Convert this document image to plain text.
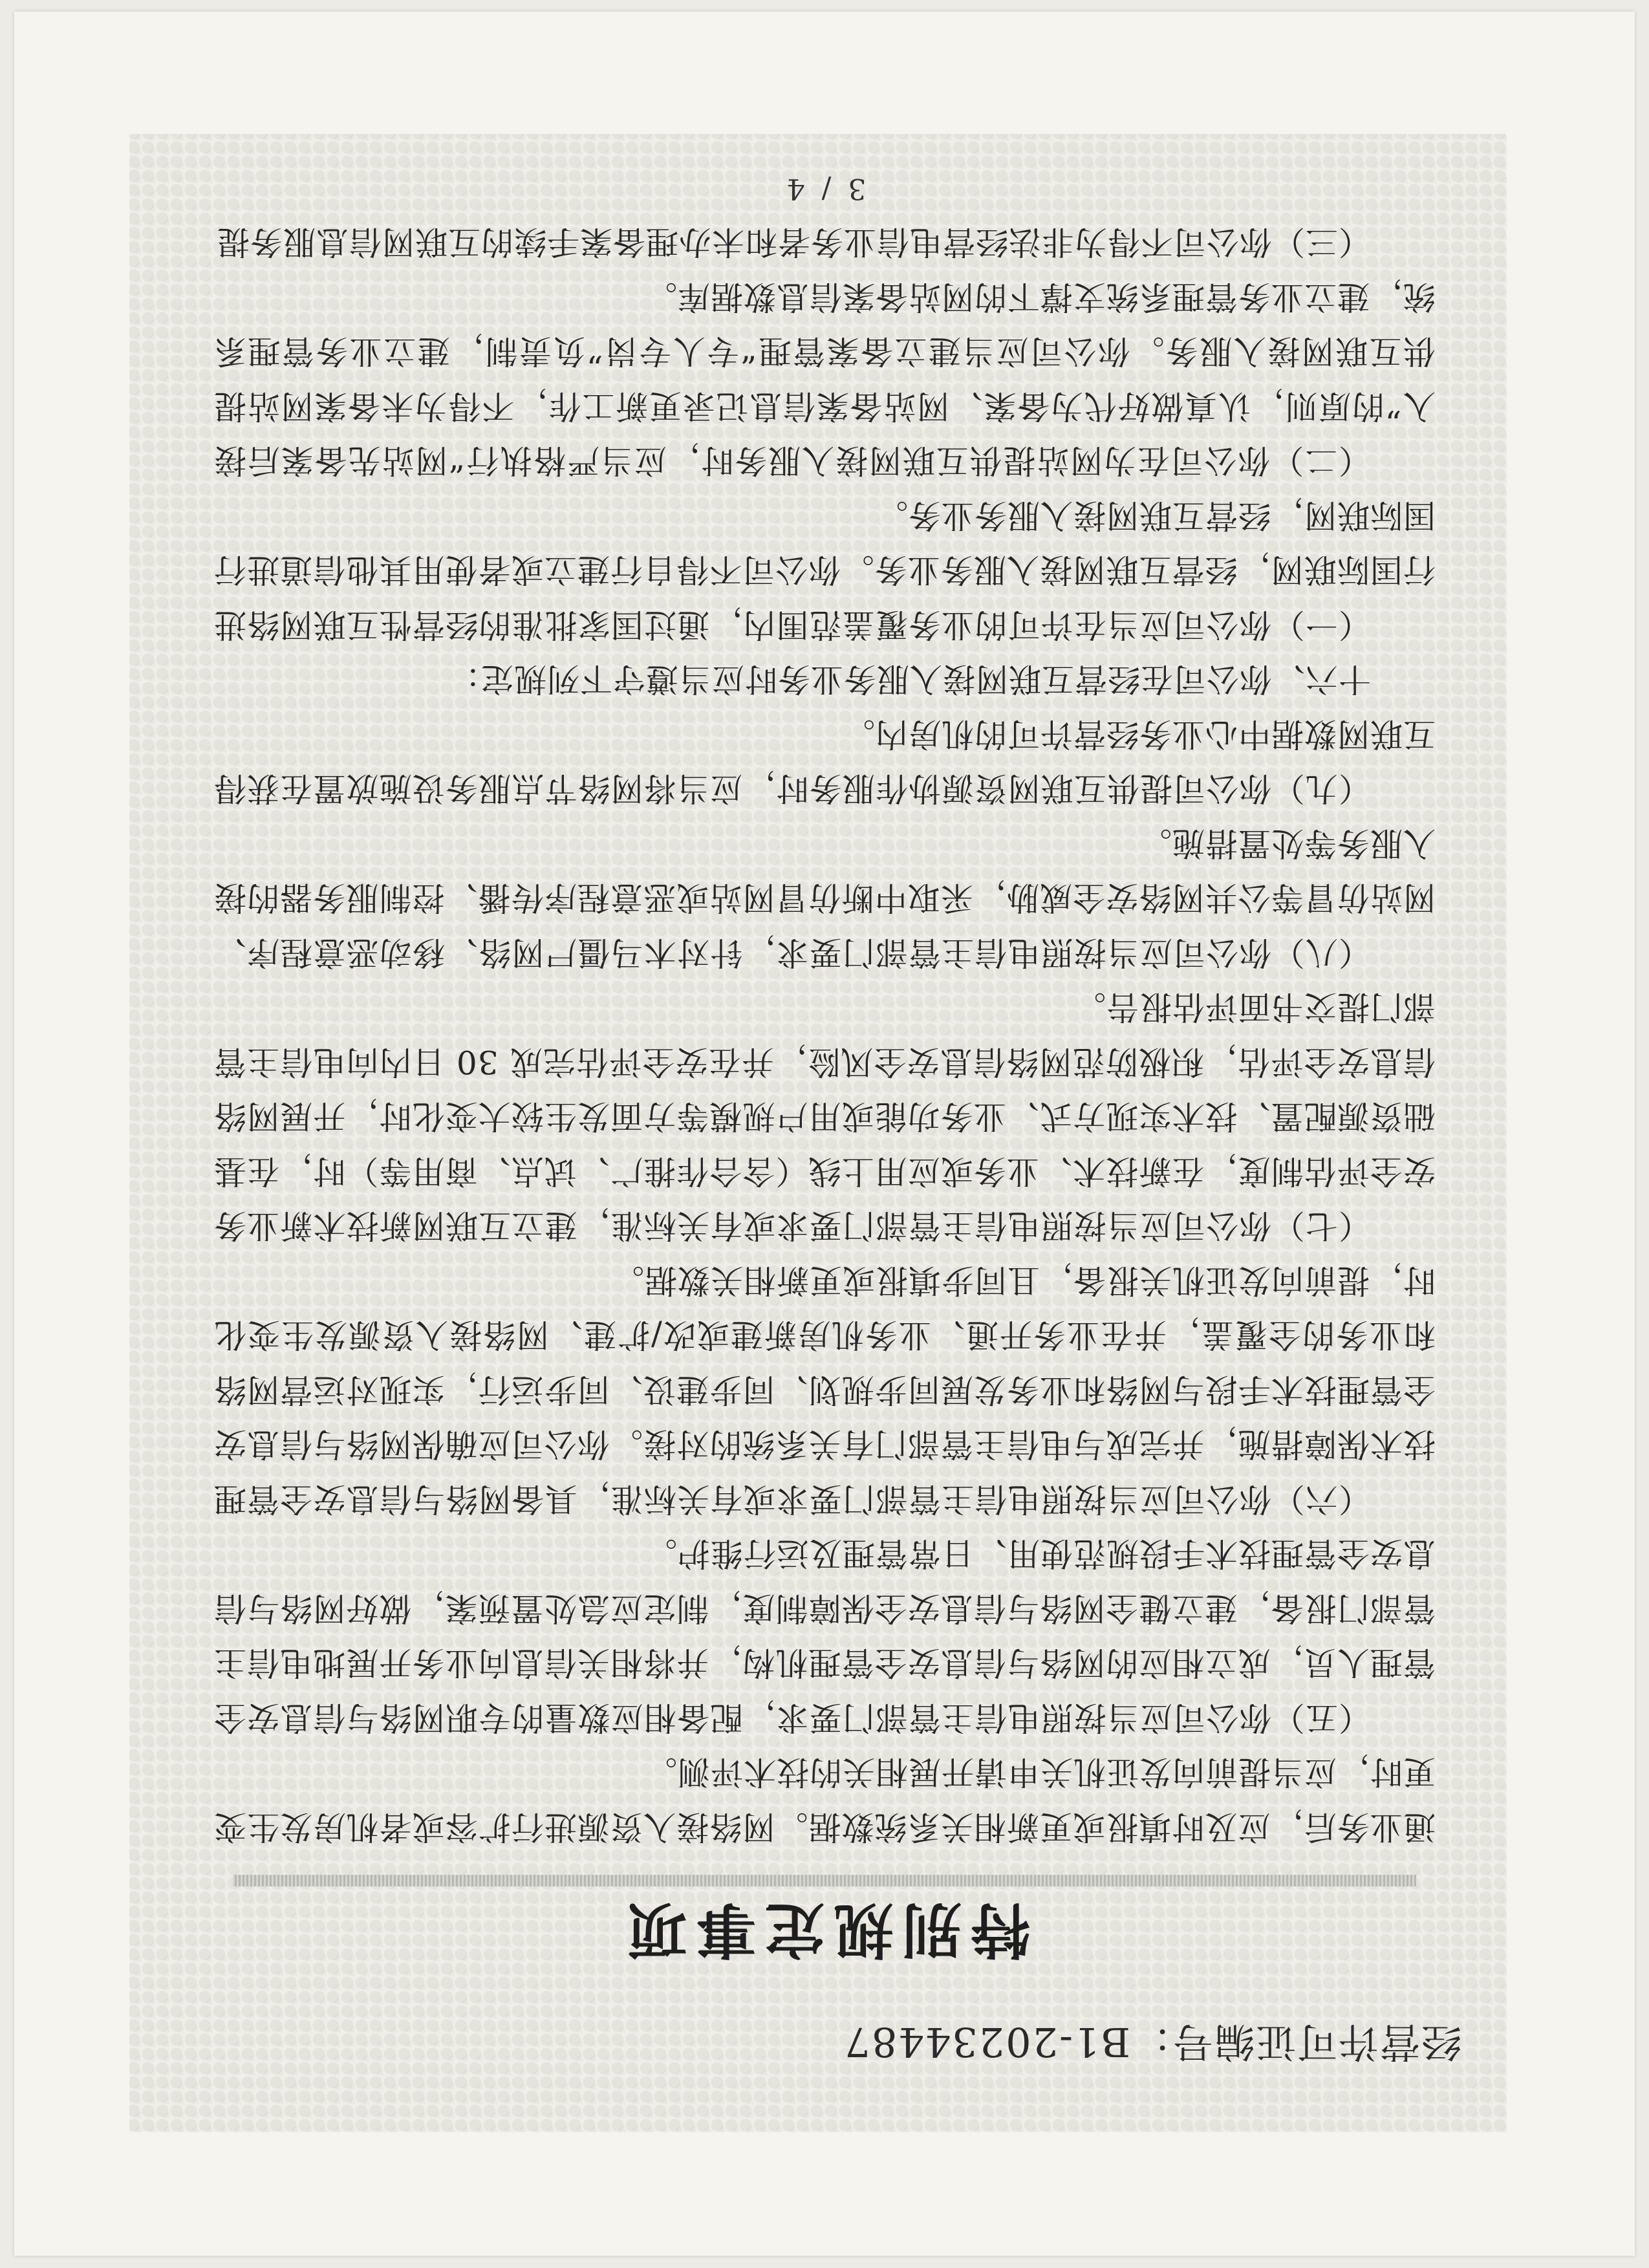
经营许可证编号：B1-20234487
特别规定事项

通业务后，应及时填报或更新相关系统数据。网络接入资源进行扩容或者机房发生变更时，应当提前向发证机关申请开展相关的技术评测。

（五）你公司应当按照电信主管部门要求，配备相应数量的专职网络与信息安全管理人员，成立相应的网络与信息安全管理机构，并将相关信息向业务开展地电信主管部门报备，建立健全网络与信息安全保障制度，制定应急处置预案，做好网络与信息安全管理技术手段规范使用、日常管理及运行维护。

（六）你公司应当按照电信主管部门要求或有关标准，具备网络与信息安全管理技术保障措施，并完成与电信主管部门有关系统的对接。你公司应确保网络与信息安全管理技术手段与网络和业务发展同步规划、同步建设、同步运行，实现对运营网络和业务的全覆盖，并在业务开通、业务机房新建或改/扩建、网络接入资源发生变化时，提前向发证机关报备，且同步填报或更新相关数据。

（七）你公司应当按照电信主管部门要求或有关标准，建立互联网新技术新业务安全评估制度，在新技术、业务或应用上线（含合作推广、试点、商用等）时，在基础资源配置、技术实现方式、业务功能或用户规模等方面发生较大变化时，开展网络信息安全评估，积极防范网络信息安全风险，并在安全评估完成 30 日内向电信主管部门提交书面评估报告。

（八）你公司应当按照电信主管部门要求，针对木马僵尸网络、移动恶意程序、网站仿冒等公共网络安全威胁，采取中断仿冒网站或恶意程序传播、控制服务器的接入服务等处置措施。

（九）你公司提供互联网资源协作服务时，应当将网络节点服务设施放置在获得互联网数据中心业务经营许可的机房内。

十六、你公司在经营互联网接入服务业务时应当遵守下列规定：

（一）你公司应当在许可的业务覆盖范围内，通过国家批准的经营性互联网络进行国际联网，经营互联网接入服务业务。你公司不得自行建立或者使用其他信道进行国际联网，经营互联网接入服务业务。

（二）你公司在为网站提供互联网接入服务时，应当严格执行“网站先备案后接入”的原则，认真做好代为备案、网站备案信息记录更新工作，不得为未备案网站提供互联网接入服务。你公司应当建立备案管理“专人专岗”负责制，建立业务管理系统，建立业务管理系统支撑下的网站备案信息数据库。

（三）你公司不得为非法经营电信业务者和未办理备案手续的互联网信息服务提

3 / 4
